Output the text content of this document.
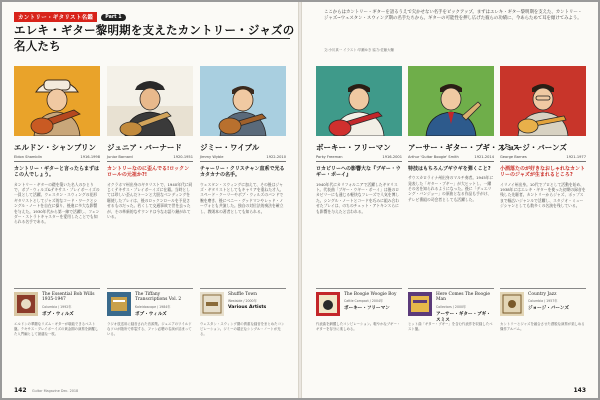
カントリー・ギタリスト名鑑	Part 1
エレキ・ギター黎明期を支えたカントリー・ジャズの名人たち
エルドン・シャンブリン
Eldon Shamblin	1916-1998
カントリー・ギターと言ったらまずはこの人でしょう。
カントリー・ギターの礎を築いた名人のひとりで、ボブ・ウィルズ&テキサス・プレイボーイズの一員として活躍。ウェスタン・スウィングの花形ギタリストとしてジャズ的なコード・ワークとシングル・ノートを自在に操り、後進に多大な影響を与えた。1930年代から第一線で活躍し、フェンダー・ストラトキャスターを愛用したことでも知られる名手である。
ジュニア・バーナード
Junior Barnard	1920-1951
カントリーなのに歪んでる!ロックンロールの元祖か?!
オクラホマ州出身のギタリストで、1940年代に同じくテキサス・プレイボーイズに在籍。当時としては珍しい歪んだトーンと大胆なベンディングを駆使したプレイは、後のロックンロールを予見させるものだった。若くして交通事故で世を去ったが、その革新的なサウンドは今なお語り継がれている。
ジミー・ワイブル
Jimmy Wyble	1922-2010
チャーリー・クリスチャン直系で光るカタカナの名手。
ウェスタン・スウィングに加えて、その後はジャズ・ギタリストとしてもキャリアを重ねた才人。スペード・クーリーやボブ・ウィルズのバンドで腕を磨き、後にベニー・グッドマンやレッド・ノーヴォとも共演した。独自の対位法的奏法を確立し、教則本の著者としても知られる。
The Essential Bob Wills 1935-1947
Columbia / 1992年
ボブ・ウィルズ
The Tiffany Transcriptions Vol. 2
Kaleidoscope / 1984年
ボブ・ウィルズ
Shuffle Town
Westside / 2000年
Various Artists
エルドンの華麗なリズム・ギターが堪能できるベスト盤。テキサス・プレイボーイズの黄金期の演奏を網羅した入門編として最適な一枚。
ラジオ放送用に録音された音源集。ジュニアのワイルドなソロが随所で炸裂する、ファン必聴の名演が詰まっている。
ウェスタン・スウィング期の貴重な録音をまとめたコンピレーション。ジミーの端正なシングル・ノートが光る。
142 Guitar Magazine Dec. 2018
ここからはカントリー・ギターを語るうえで欠かせない名手をピックアップ。まずはエレキ・ギター黎明期を支えた、カントリー・ジャズ~ウェスタン・スウィング期の名手たちから。ギターの可能性を押し広げた彼らの功績に、今あらためて耳を傾けてみよう。
文:小川真一 イラスト:早瀬ゆき 協力:佐藤大輔
ボーキー・フリーマン
Porky Freeman	1916-2001
ロカビリーへの影響大な『ブギー・ウギー・ボーイ』
1940年代にカリフォルニアで活躍したギタリスト。代表曲「ブギー・ウギー・ボーイ」は後のロカビリーにも通じる軽快なフレーズで人気を博した。シングル・ノートとコードを巧みに組み合わせたプレイは、のちのチェット・アトキンスらにも影響を与えたと言われる。
アーサー・ギター・ブギ・スミス
Arthur 'Guitar Boogie' Smith	1921-2014
特技はもちろんブギウギを弾くこと?
サウスカロライナ州出身のマルチ奏者。1945年に発表した「ギター・ブギー」が大ヒットし、一躍その名を知られるようになった。後に「デュエリング・バンジョー」の原曲となる作品も手がけ、テレビ番組の司会者としても活躍した。
ジョージ・バーンズ
George Barnes	1921-1977
小酒落たのが好きなおしゃれなカントリーのジャズが生まれるところ?
イリノイ州出身。10代でプロとして活動を始め、1938年にはエレキ・ギターを使った初期の録音を残した先駆者。カントリーからジャズ、ポップスまで幅広いジャンルで活躍し、スタジオ・ミュージシャンとしても数多くの名演を残している。
The Boogie Woogie Boy
Cattle Compact / 2004年
ボーキー・フリーマン
Here Comes The Boogie Man
Collectors / 2000年
アーサー・ギター・ブギ・スミス
Country Jazz
Columbia / 1957年
ジョージ・バーンズ
代表曲を網羅したコンピレーション。軽やかなブギー・ギターを存分に楽しめる。
ヒット曲「ギター・ブギー」を含む代表作を収録したベスト盤。
カントリーとジャズを融合させた洒脱な演奏が楽しめる傑作アルバム。
143
